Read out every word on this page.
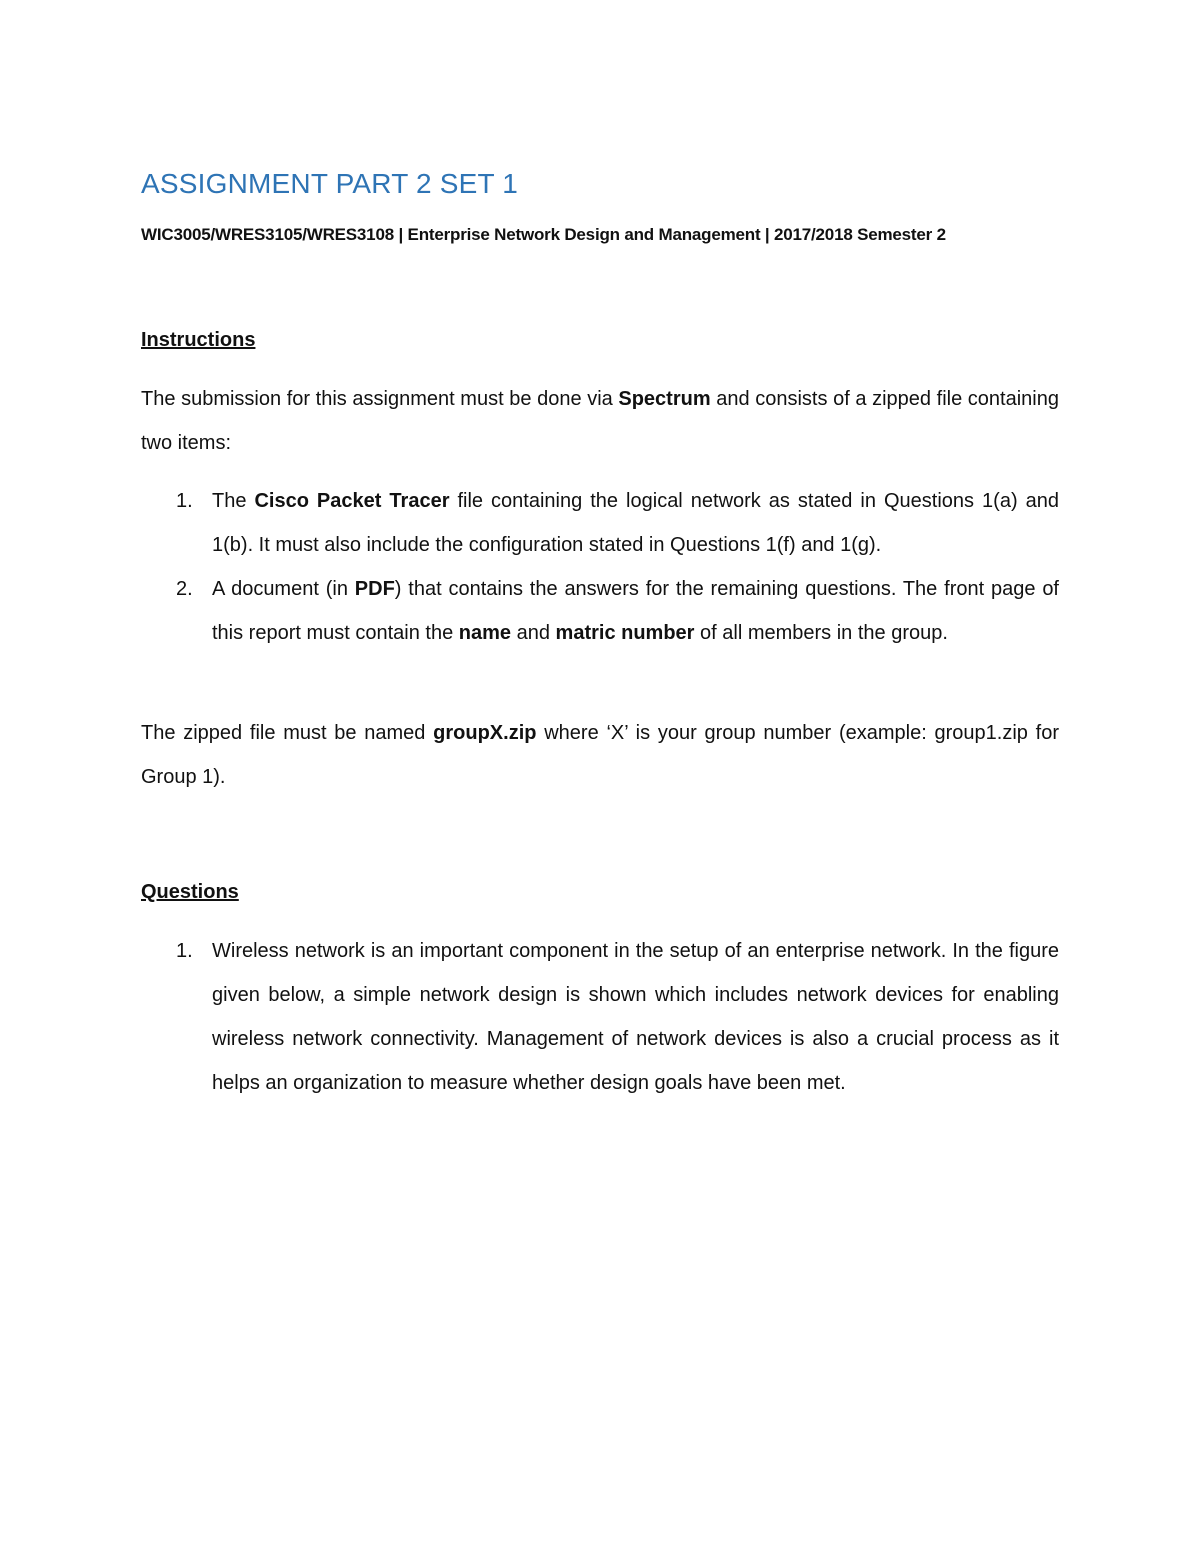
ASSIGNMENT PART 2 SET 1

WIC3005/WRES3105/WRES3108 | Enterprise Network Design and Management | 2017/2018 Semester 2

Instructions

The submission for this assignment must be done via Spectrum and consists of a zipped file containing two items:

1. The Cisco Packet Tracer file containing the logical network as stated in Questions 1(a) and 1(b). It must also include the configuration stated in Questions 1(f) and 1(g).
2. A document (in PDF) that contains the answers for the remaining questions. The front page of this report must contain the name and matric number of all members in the group.

The zipped file must be named groupX.zip where ‘X’ is your group number (example: group1.zip for Group 1).

Questions
1. Wireless network is an important component in the setup of an enterprise network. In the figure given below, a simple network design is shown which includes network devices for enabling wireless network connectivity. Management of network devices is also a crucial process as it helps an organization to measure whether design goals have been met.
